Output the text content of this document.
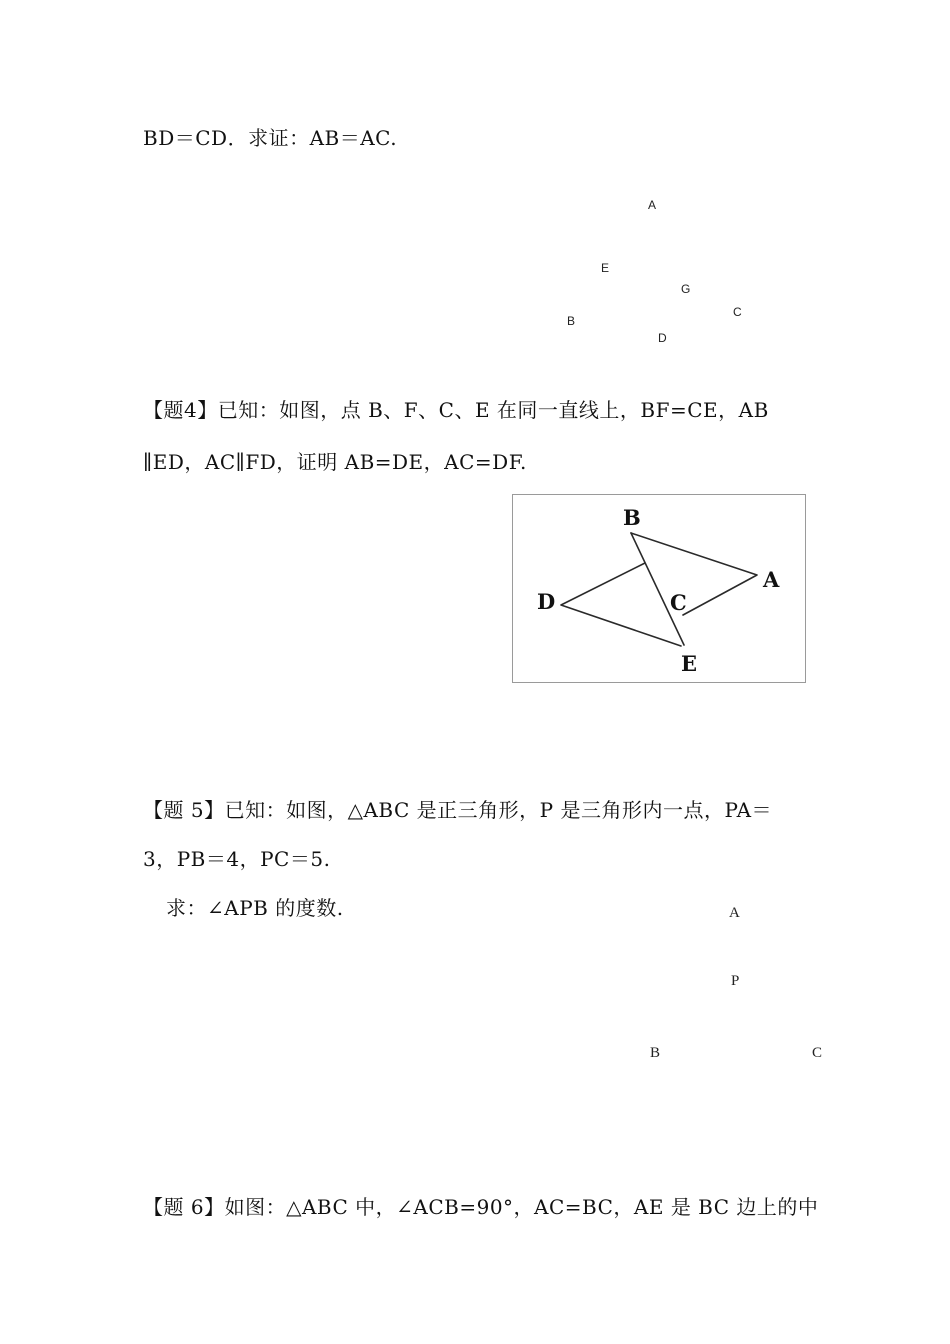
BD＝CD．求证：AB＝AC.
A
E
G
C
B
D
【题4】已知：如图，点 B、F、C、E 在同一直线上，BF=CE，AB
∥ED，AC∥FD，证明 AB=DE，AC=DF.
B
A
D	C
E
【题 5】已知：如图，△ABC 是正三角形，P 是三角形内一点，PA＝
3，PB＝4，PC＝5.
求：∠APB 的度数.	A
P
B	C
【题 6】如图：△ABC 中，∠ACB=90°，AC=BC，AE 是 BC 边上的中
